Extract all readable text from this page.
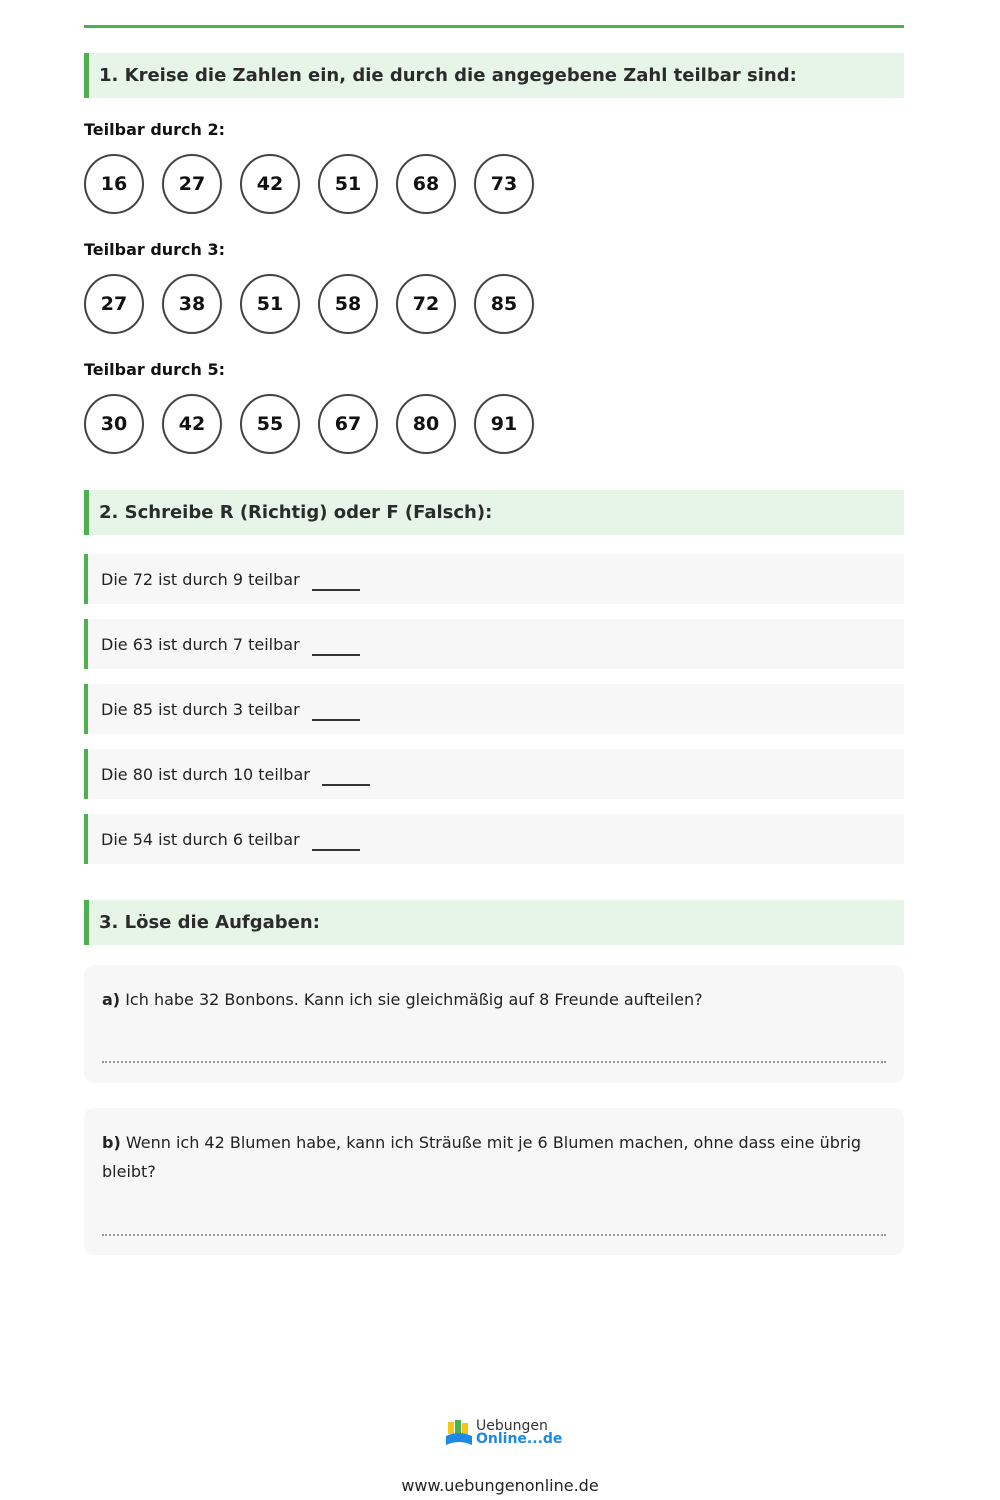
1. Kreise die Zahlen ein, die durch die angegebene Zahl teilbar sind:
Teilbar durch 2:
16	27	42	51	68	73
Teilbar durch 3:
27	38	51	58	72	85
Teilbar durch 5:
30	42	55	67	80	91
2. Schreibe R (Richtig) oder F (Falsch):
Die 72 ist durch 9 teilbar
Die 63 ist durch 7 teilbar
Die 85 ist durch 3 teilbar
Die 80 ist durch 10 teilbar
Die 54 ist durch 6 teilbar
3. Löse die Aufgaben:
a) Ich habe 32 Bonbons. Kann ich sie gleichmäßig auf 8 Freunde aufteilen?
b) Wenn ich 42 Blumen habe, kann ich Sträuße mit je 6 Blumen machen, ohne dass eine übrig bleibt?
Uebungen
Online...de
www.uebungenonline.de
